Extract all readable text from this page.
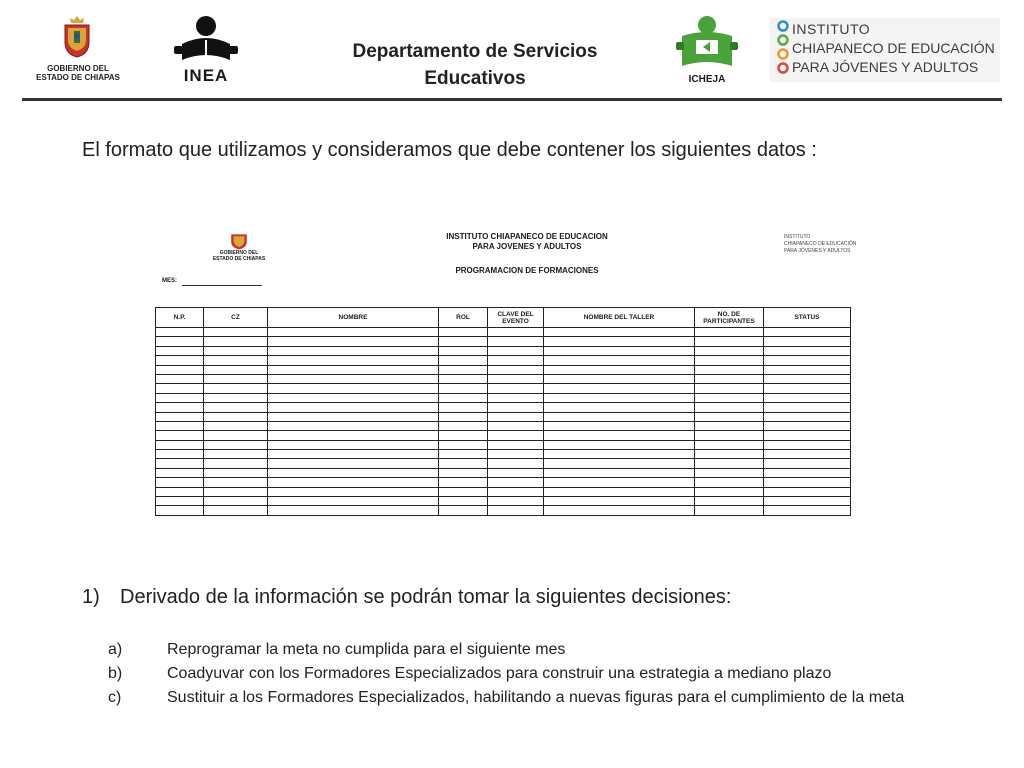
GOBIERNO DEL
ESTADO DE CHIAPAS	INEA
Departamento de Servicios
Educativos	ICHEJA
INSTITUTO
CHIAPANECO DE EDUCACIÓN
PARA JÓVENES Y ADULTOS
El formato que utilizamos y consideramos que debe contener los siguientes datos :
GOBIERNO DEL
ESTADO DE CHIAPAS
INSTITUTO CHIAPANECO DE EDUCACION
PARA JOVENES Y ADULTOS
PROGRAMACION DE FORMACIONES
INSTITUTO
CHIAPANECO DE EDUCACIÓN
PARA JÓVENES Y ADULTOS
MES:
N.P.	CZ	NOMBRE	ROL	CLAVE DEL EVENTO	NOMBRE DEL TALLER	NO. DE PARTICIPANTES	STATUS

1) Derivado de la información se podrán tomar la siguientes decisiones:
a)	Reprogramar la meta no cumplida para el siguiente mes
b)	Coadyuvar con los Formadores Especializados para construir una estrategia a mediano plazo
c)	Sustituir a los Formadores Especializados, habilitando a nuevas figuras para el cumplimiento de la meta
